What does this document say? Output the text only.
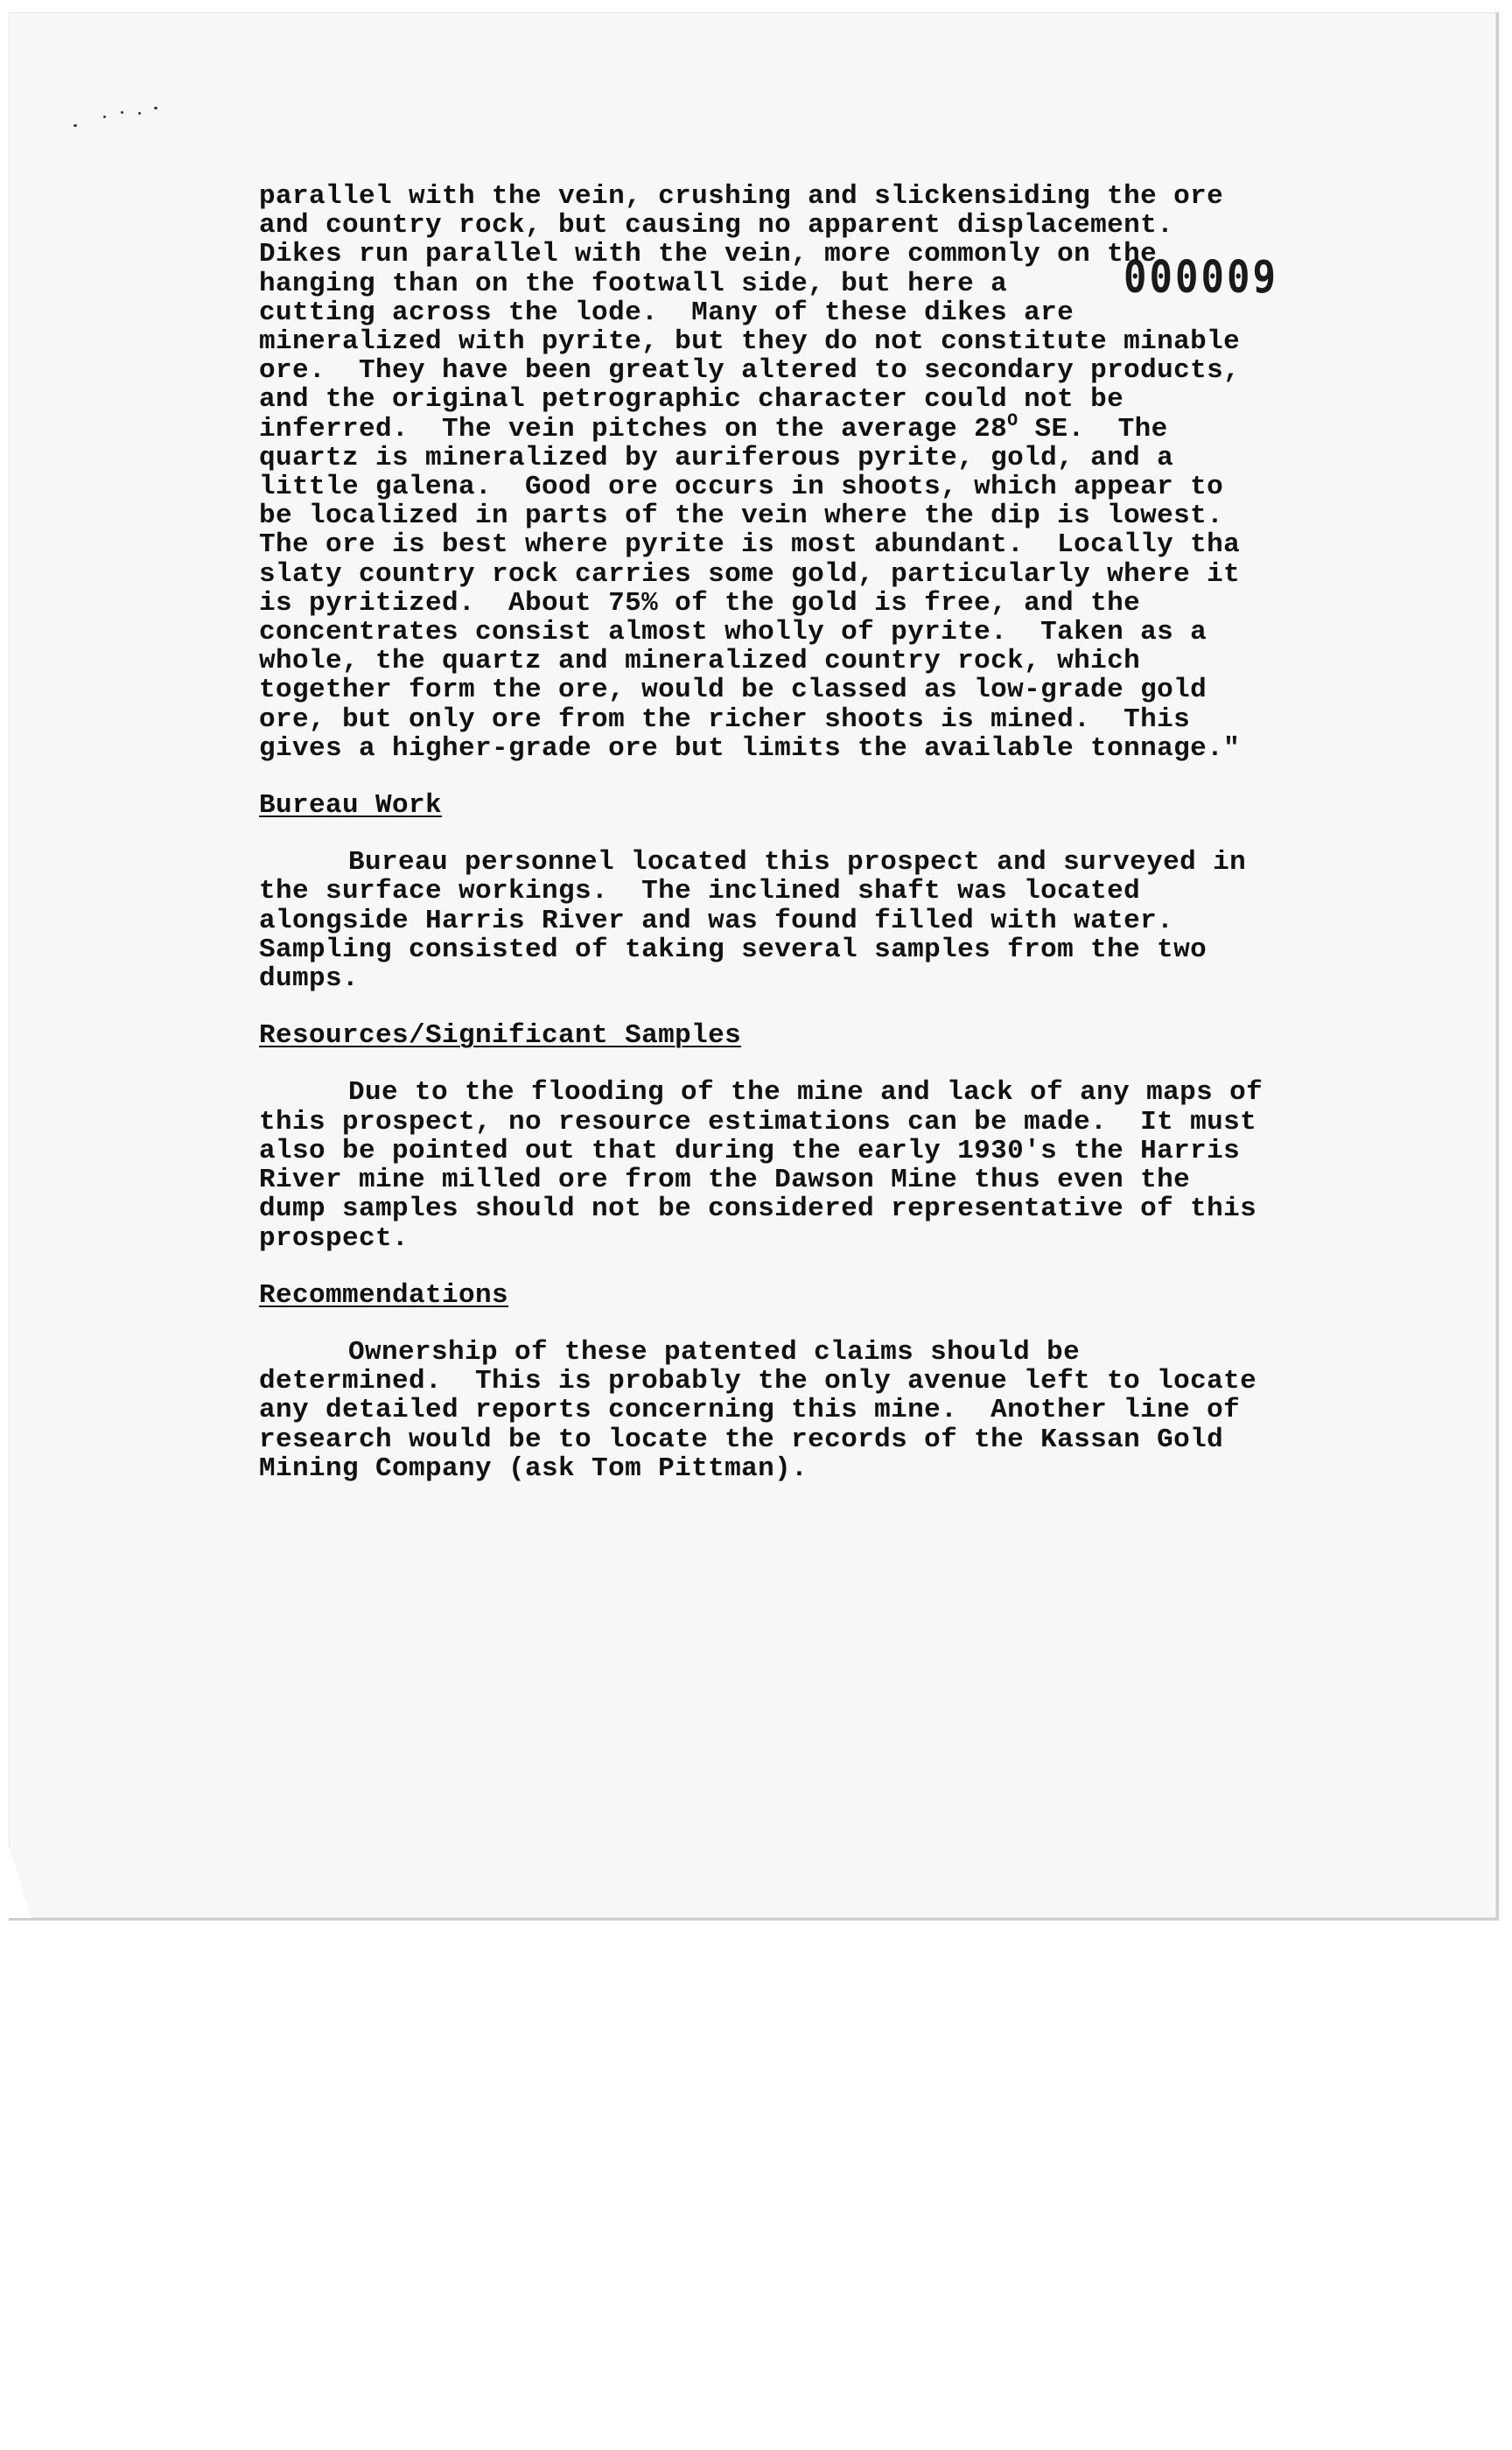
000009
parallel with the vein, crushing and slickensiding the ore
and country rock, but causing no apparent displacement.
Dikes run parallel with the vein, more commonly on the
hanging than on the footwall side, but here a
cutting across the lode.  Many of these dikes are
mineralized with pyrite, but they do not constitute minable
ore.  They have been greatly altered to secondary products,
and the original petrographic character could not be
inferred.  The vein pitches on the average $28^O$ SE.  The
quartz is mineralized by auriferous pyrite, gold, and a
little galena.  Good ore occurs in shoots, which appear to
be localized in parts of the vein where the dip is lowest.
The ore is best where pyrite is most abundant.  Locally tha
slaty country rock carries some gold, particularly where it
is pyritized.  About 75% of the gold is free, and the
concentrates consist almost wholly of pyrite.  Taken as a
whole, the quartz and mineralized country rock, which
together form the ore, would be classed as low-grade gold
ore, but only ore from the richer shoots is mined.  This
gives a higher-grade ore but limits the available tonnage."
Bureau Work
Bureau personnel located this prospect and surveyed in
the surface workings.  The inclined shaft was located
alongside Harris River and was found filled with water.
Sampling consisted of taking several samples from the two
dumps.
Resources/Significant Samples
Due to the flooding of the mine and lack of any maps of
this prospect, no resource estimations can be made.  It must
also be pointed out that during the early 1930's the Harris
River mine milled ore from the Dawson Mine thus even the
dump samples should not be considered representative of this
prospect.
Recommendations
Ownership of these patented claims should be
determined.  This is probably the only avenue left to locate
any detailed reports concerning this mine.  Another line of
research would be to locate the records of the Kassan Gold
Mining Company (ask Tom Pittman).
